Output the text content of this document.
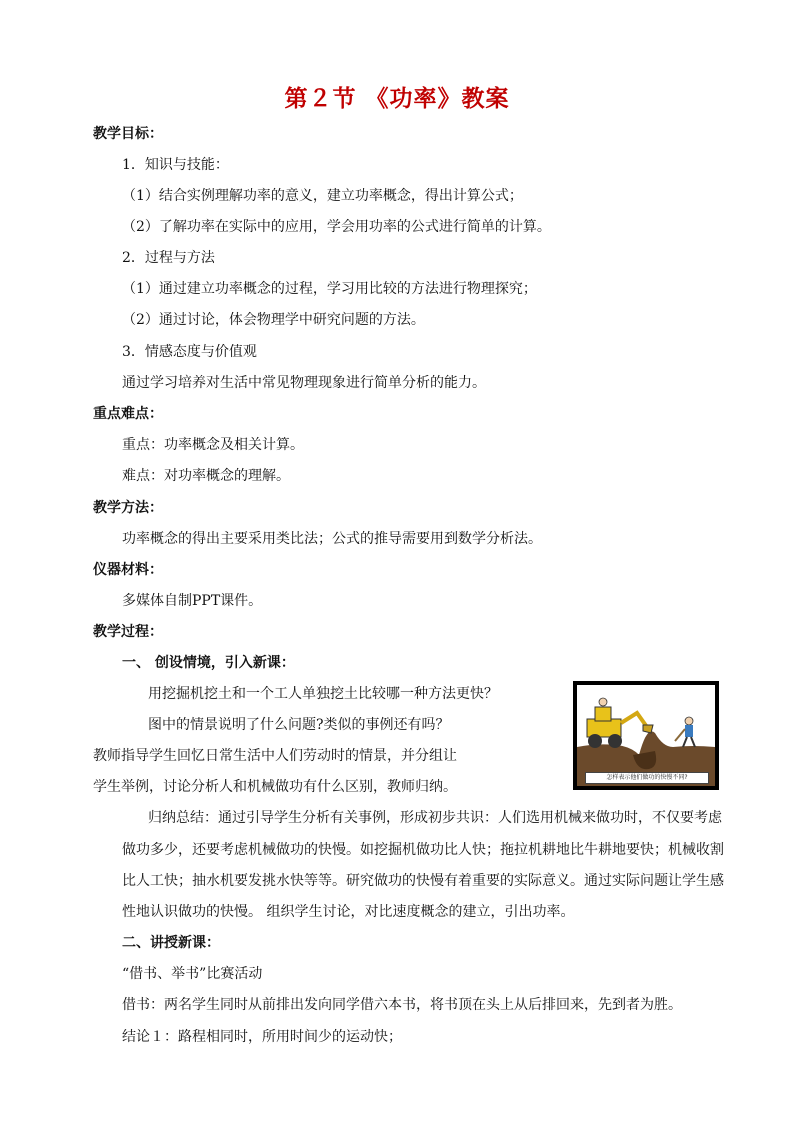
第２节 《功率》教案
教学目标：
1．知识与技能：
（1）结合实例理解功率的意义，建立功率概念，得出计算公式；
（2）了解功率在实际中的应用，学会用功率的公式进行简单的计算。
2．过程与方法
（1）通过建立功率概念的过程，学习用比较的方法进行物理探究；
（2）通过讨论，体会物理学中研究问题的方法。
3．情感态度与价值观
通过学习培养对生活中常见物理现象进行简单分析的能力。
重点难点：
重点：功率概念及相关计算。
难点：对功率概念的理解。
教学方法：
功率概念的得出主要采用类比法；公式的推导需要用到数学分析法。
仪器材料：
多媒体自制PPT课件。
教学过程：
一、 创设情境，引入新课：
用挖掘机挖土和一个工人单独挖土比较哪一种方法更快？
图中的情景说明了什么问题?类似的事例还有吗？
教师指导学生回忆日常生活中人们劳动时的情景，并分组让
学生举例，讨论分析人和机械做功有什么区别，教师归纳。
怎样表示他们做功的快慢不同?
归纳总结：通过引导学生分析有关事例，形成初步共识：人们选用机械来做功时，不仅要考虑
做功多少，还要考虑机械做功的快慢。如挖掘机做功比人快；拖拉机耕地比牛耕地要快；机械收割
比人工快；抽水机要发挑水快等等。研究做功的快慢有着重要的实际意义。通过实际问题让学生感
性地认识做功的快慢。 组织学生讨论，对比速度概念的建立，引出功率。
二、讲授新课：
“借书、举书”比赛活动
借书：两名学生同时从前排出发向同学借六本书，将书顶在头上从后排回来，先到者为胜。
结论１：路程相同时，所用时间少的运动快；
